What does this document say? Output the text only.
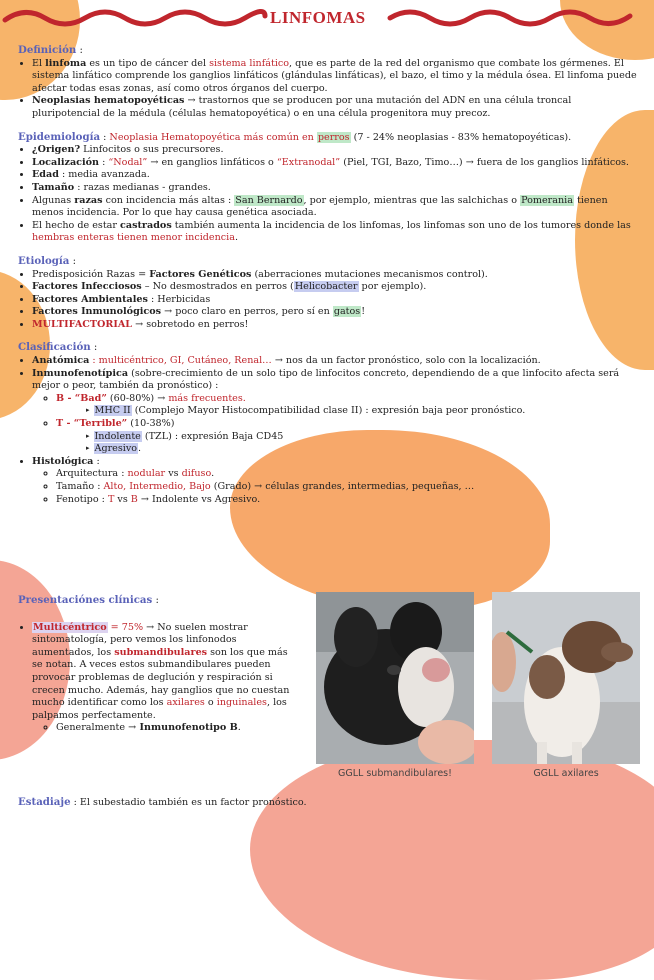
LINFOMAS

Definición :

• El linfoma es un tipo de cáncer del sistema linfático, que es parte de la red del organismo que combate los gérmenes. El sistema linfático comprende los ganglios linfáticos (glándulas linfáticas), el bazo, el timo y la médula ósea. El linfoma puede afectar todas esas zonas, así como otros órganos del cuerpo.
• Neoplasias hematopoyéticas → trastornos que se producen por una mutación del ADN en una célula troncal pluripotencial de la médula (células hematopoyética) o en una célula progenitora muy precoz.

Epidemiología : Neoplasia Hematopoyética más común en perros (7 - 24% neoplasias - 83% hematopoyéticas).

• ¿Origen? Linfocitos o sus precursores.
• Localización : “Nodal” → en ganglios linfáticos o “Extranodal” (Piel, TGI, Bazo, Timo…) → fuera de los ganglios linfáticos.
• Edad : media avanzada.
• Tamaño : razas medianas - grandes.
• Algunas razas con incidencia más altas : San Bernardo, por ejemplo, mientras que las salchichas o Pomerania tienen menos incidencia. Por lo que hay causa genética asociada.
• El hecho de estar castrados también aumenta la incidencia de los linfomas, los linfomas son uno de los tumores donde las hembras enteras tienen menor incidencia.

Etiología :

• Predisposición Razas = Factores Genéticos (aberraciones mutaciones mecanismos control).
• Factores Infecciosos – No desmostrados en perros (Helicobacter por ejemplo).
• Factores Ambientales : Herbicidas
• Factores Inmunológicos → poco claro en perros, pero sí en gatos!
• MULTIFACTORIAL → sobretodo en perros!

Clasificación :

• Anatómica : multicéntrico, GI, Cutáneo, Renal… → nos da un factor pronóstico, solo con la localización.
• Inmunofenotípica (sobre-crecimiento de un solo tipo de linfocitos concreto, dependiendo de a que linfocito afecta será mejor o peor, también da pronóstico) :
◦ B - “Bad” (60-80%) → más frecuentes.
▸ MHC II (Complejo Mayor Histocompatibilidad clase II) : expresión baja peor pronóstico.
◦ T - “Terrible” (10-38%)
▸ Indolente (TZL) : expresión Baja CD45
▸ Agresivo.
• Histológica :
◦ Arquitectura : nodular vs difuso.
◦ Tamaño : Alto, Intermedio, Bajo (Grado) → células grandes, intermedias, pequeñas, …
◦ Fenotipo : T vs B → Indolente vs Agresivo.

Presentaciónes clínicas :

• Multicéntrico = 75% → No suelen mostrar sintomatología, pero vemos los linfonodos aumentados, los submandibulares son los que más se notan. A veces estos submandibulares pueden provocar problemas de deglución y respiración si crecen mucho. Además, hay ganglios que no cuestan mucho identificar como los axilares o inguinales, los palpamos perfectamente.
◦ Generalmente → Inmunofenotipo B.
GGLL submandibulares!	GGLL axilares
Estadiaje : El subestadio también es un factor pronóstico.
